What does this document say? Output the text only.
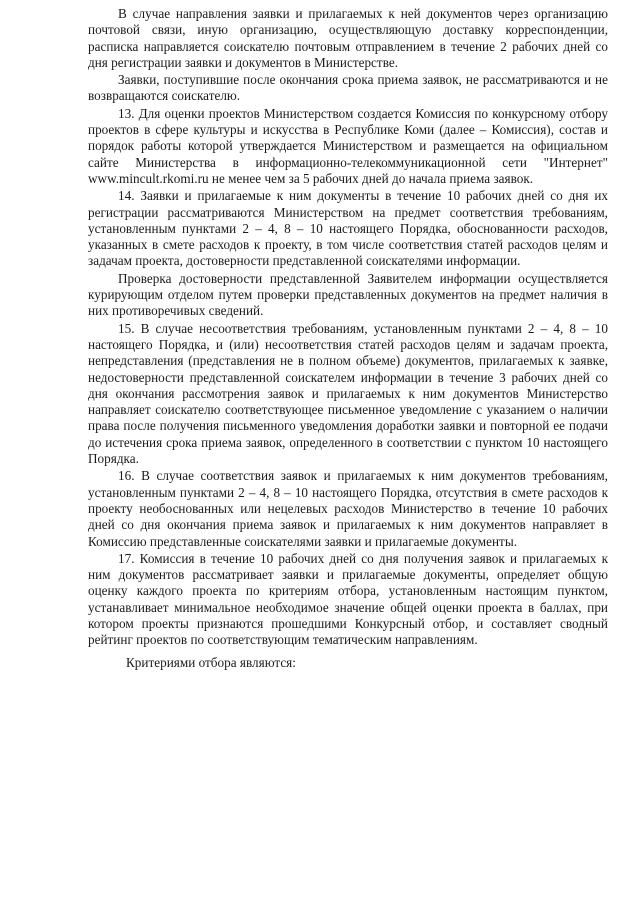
В случае направления заявки и прилагаемых к ней документов через организацию почтовой связи, иную организацию, осуществляющую доставку корреспонденции, расписка направляется соискателю почтовым отправлением в течение 2 рабочих дней со дня регистрации заявки и документов в Министерстве.

Заявки, поступившие после окончания срока приема заявок, не рассматриваются и не возвращаются соискателю.

13. Для оценки проектов Министерством создается Комиссия по конкурсному отбору проектов в сфере культуры и искусства в Республике Коми (далее – Комиссия), состав и порядок работы которой утверждается Министерством и размещается на официальном сайте Министерства в информационно-телекоммуникационной сети "Интернет" www.mincult.rkomi.ru не менее чем за 5 рабочих дней до начала приема заявок.

14. Заявки и прилагаемые к ним документы в течение 10 рабочих дней со дня их регистрации рассматриваются Министерством на предмет соответствия требованиям, установленным пунктами 2 – 4, 8 – 10 настоящего Порядка, обоснованности расходов, указанных в смете расходов к проекту, в том числе соответствия статей расходов целям и задачам проекта, достоверности представленной соискателями информации.

Проверка достоверности представленной Заявителем информации осуществляется курирующим отделом путем проверки представленных документов на предмет наличия в них противоречивых сведений.

15. В случае несоответствия требованиям, установленным пунктами 2 – 4, 8 – 10 настоящего Порядка, и (или) несоответствия статей расходов целям и задачам проекта, непредставления (представления не в полном объеме) документов, прилагаемых к заявке, недостоверности представленной соискателем информации в течение 3 рабочих дней со дня окончания рассмотрения заявок и прилагаемых к ним документов Министерство направляет соискателю соответствующее письменное уведомление с указанием о наличии права после получения письменного уведомления доработки заявки и повторной ее подачи до истечения срока приема заявок, определенного в соответствии с пунктом 10 настоящего Порядка.

16. В случае соответствия заявок и прилагаемых к ним документов требованиям, установленным пунктами 2 – 4, 8 – 10 настоящего Порядка, отсутствия в смете расходов к проекту необоснованных или нецелевых расходов Министерство в течение 10 рабочих дней со дня окончания приема заявок и прилагаемых к ним документов направляет в Комиссию представленные соискателями заявки и прилагаемые документы.

17. Комиссия в течение 10 рабочих дней со дня получения заявок и прилагаемых к ним документов рассматривает заявки и прилагаемые документы, определяет общую оценку каждого проекта по критериям отбора, установленным настоящим пунктом, устанавливает минимальное необходимое значение общей оценки проекта в баллах, при котором проекты признаются прошедшими Конкурсный отбор, и составляет сводный рейтинг проектов по соответствующим тематическим направлениям.

Критериями отбора являются:
